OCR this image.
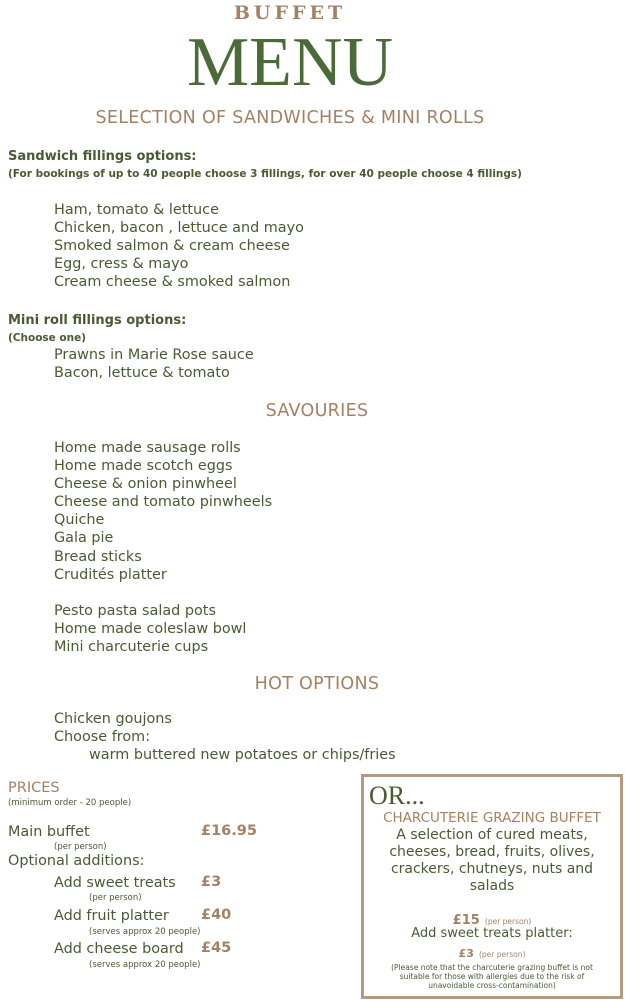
BUFFET
MENU
SELECTION OF SANDWICHES & MINI ROLLS
Sandwich fillings options:
(For bookings of up to 40 people choose 3 fillings, for over 40 people choose 4 fillings)
Ham, tomato & lettuce
Chicken, bacon , lettuce and mayo
Smoked salmon & cream cheese
Egg, cress & mayo
Cream cheese & smoked salmon
Mini roll fillings options:
(Choose one)
Prawns in Marie Rose sauce
Bacon, lettuce & tomato
SAVOURIES
Home made sausage rolls
Home made scotch eggs
Cheese & onion pinwheel
Cheese and tomato pinwheels
Quiche
Gala pie
Bread sticks
Crudités platter
Pesto pasta salad pots
Home made coleslaw bowl
Mini charcuterie cups
HOT OPTIONS
Chicken goujons
Choose from:
warm buttered new potatoes or chips/fries
PRICES
(minimum order - 20 people)
Main buffet	£16.95
(per person)
Optional additions:
Add sweet treats £3
(per person)
Add fruit platter £40
(serves approx 20 people)
Add cheese board £45
(serves approx 20 people)
OR...
CHARCUTERIE GRAZING BUFFET
A selection of cured meats,
cheeses, bread, fruits, olives,
crackers, chutneys, nuts and
salads
£15 (per person)
Add sweet treats platter:
£3 (per person)
(Please note that the charcuterie grazing buffet is not
suitable for those with allergies due to the risk of
unavoidable cross-contamination)
